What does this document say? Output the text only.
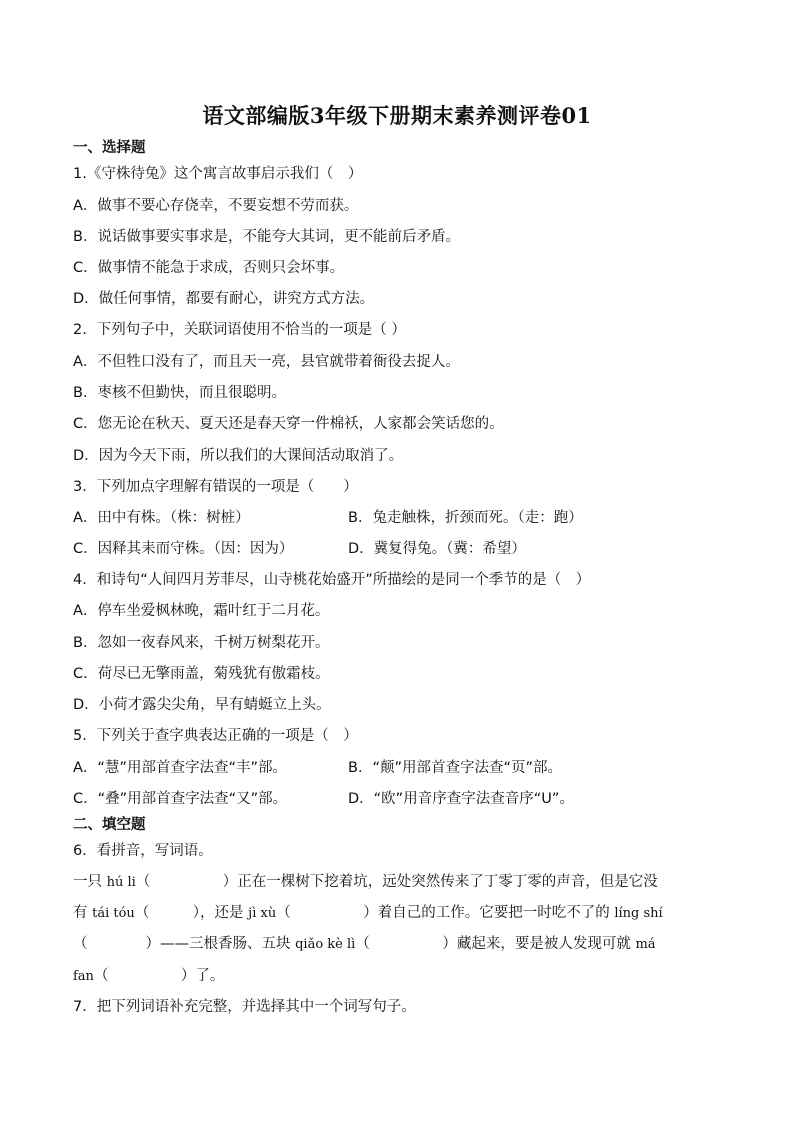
语文部编版3年级下册期末素养测评卷01
一、选择题
1.《守株待兔》这个寓言故事启示我们（　）
A．做事不要心存侥幸，不要妄想不劳而获。
B．说话做事要实事求是，不能夸大其词，更不能前后矛盾。
C．做事情不能急于求成，否则只会坏事。
D．做任何事情，都要有耐心，讲究方式方法。
2．下列句子中，关联词语使用不恰当的一项是（ ）
A．不但牲口没有了，而且天一亮，县官就带着衙役去捉人。
B．枣核不但勤快，而且很聪明。
C．您无论在秋天、夏天还是春天穿一件棉袄，人家都会笑话您的。
D．因为今天下雨，所以我们的大课间活动取消了。
3．下列加点字理解有错误的一项是（　　）
A．田中有株。（株：树桩）	B．兔走触株，折颈而死。（走：跑）
C．因释其耒而守株。（因：因为）	D．冀复得兔。（冀：希望）
4．和诗句“人间四月芳菲尽，山寺桃花始盛开”所描绘的是同一个季节的是（　）
A．停车坐爱枫林晚，霜叶红于二月花。
B．忽如一夜春风来，千树万树梨花开。
C．荷尽已无擎雨盖，菊残犹有傲霜枝。
D．小荷才露尖尖角，早有蜻蜓立上头。
5．下列关于查字典表达正确的一项是（　）
A．“慧”用部首查字法查“丰”部。	B．“颠”用部首查字法查“页”部。
C．“叠”用部首查字法查“又”部。	D．“欧”用音序查字法查音序“U”。
二、填空题
6．看拼音，写词语。
一只 hú li（　　　　　）正在一棵树下挖着坑，远处突然传来了丁零丁零的声音，但是它没
有 tái tóu（　　　），还是 jì xù（　　　　　）着自己的工作。它要把一时吃不了的 líng shí
（　　　　）——三根香肠、五块 qiǎo kè lì（　　　　　）藏起来，要是被人发现可就 má
fan（　　　　　）了。
7．把下列词语补充完整，并选择其中一个词写句子。
